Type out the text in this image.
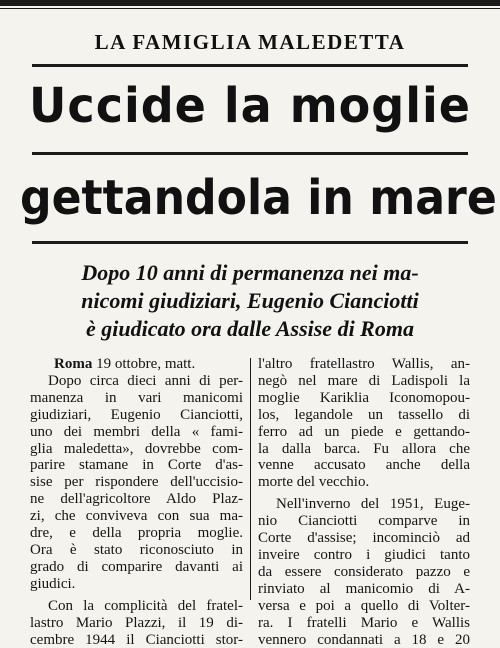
LA FAMIGLIA MALEDETTA
Uccide la moglie
gettandola in mare
Dopo 10 anni di permanenza nei ma-
nicomi giudiziari, Eugenio Cianciotti
è giudicato ora dalle Assise di Roma
Roma 19 ottobre, matt.
Dopo circa dieci anni di per-
manenza in vari manicomi
giudiziari, Eugenio Cianciotti,
uno dei membri della « fami-
glia maledetta», dovrebbe com-
parire stamane in Corte d'as-
sise per rispondere dell'uccisio-
ne dell'agricoltore Aldo Plaz-
zi, che conviveva con sua ma-
dre, e della propria moglie.
Ora è stato riconosciuto in
grado di comparire davanti ai
giudici.
Con la complicità del fratel-
lastro Mario Plazzi, il 19 di-
cembre 1944 il Cianciotti stor-
l'altro fratellastro Wallis, an-
negò nel mare di Ladispoli la
moglie Kariklia Iconomopou-
los, legandole un tassello di
ferro ad un piede e gettando-
la dalla barca. Fu allora che
venne accusato anche della
morte del vecchio.
Nell'inverno del 1951, Euge-
nio Cianciotti comparve in
Corte d'assise; incominciò ad
inveire contro i giudici tanto
da essere considerato pazzo e
rinviato al manicomio di A-
versa e poi a quello di Volter-
ra. I fratelli Mario e Wallis
vennero condannati a 18 e 20
